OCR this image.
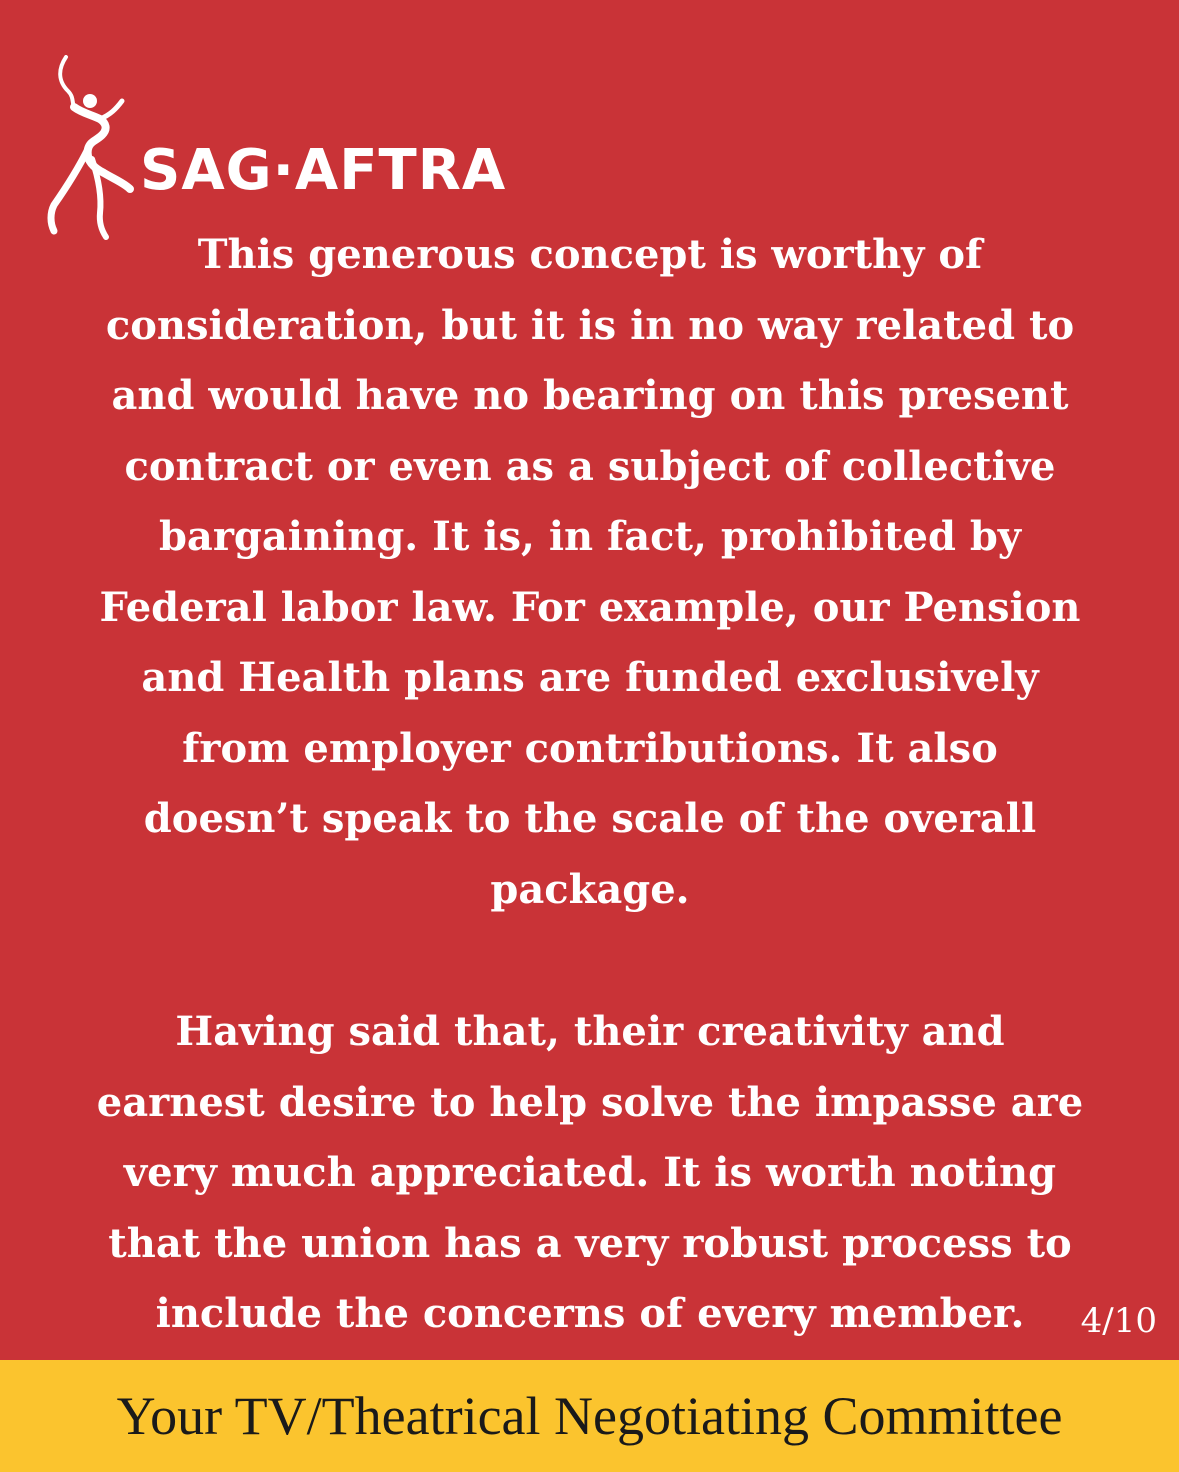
SAG·AFTRA

This generous concept is worthy of consideration, but it is in no way related to and would have no bearing on this present contract or even as a subject of collective bargaining. It is, in fact, prohibited by Federal labor law. For example, our Pension and Health plans are funded exclusively from employer contributions. It also doesn’t speak to the scale of the overall package.

Having said that, their creativity and earnest desire to help solve the impasse are very much appreciated. It is worth noting that the union has a very robust process to include the concerns of every member.	4/10
Your TV/Theatrical Negotiating Committee
